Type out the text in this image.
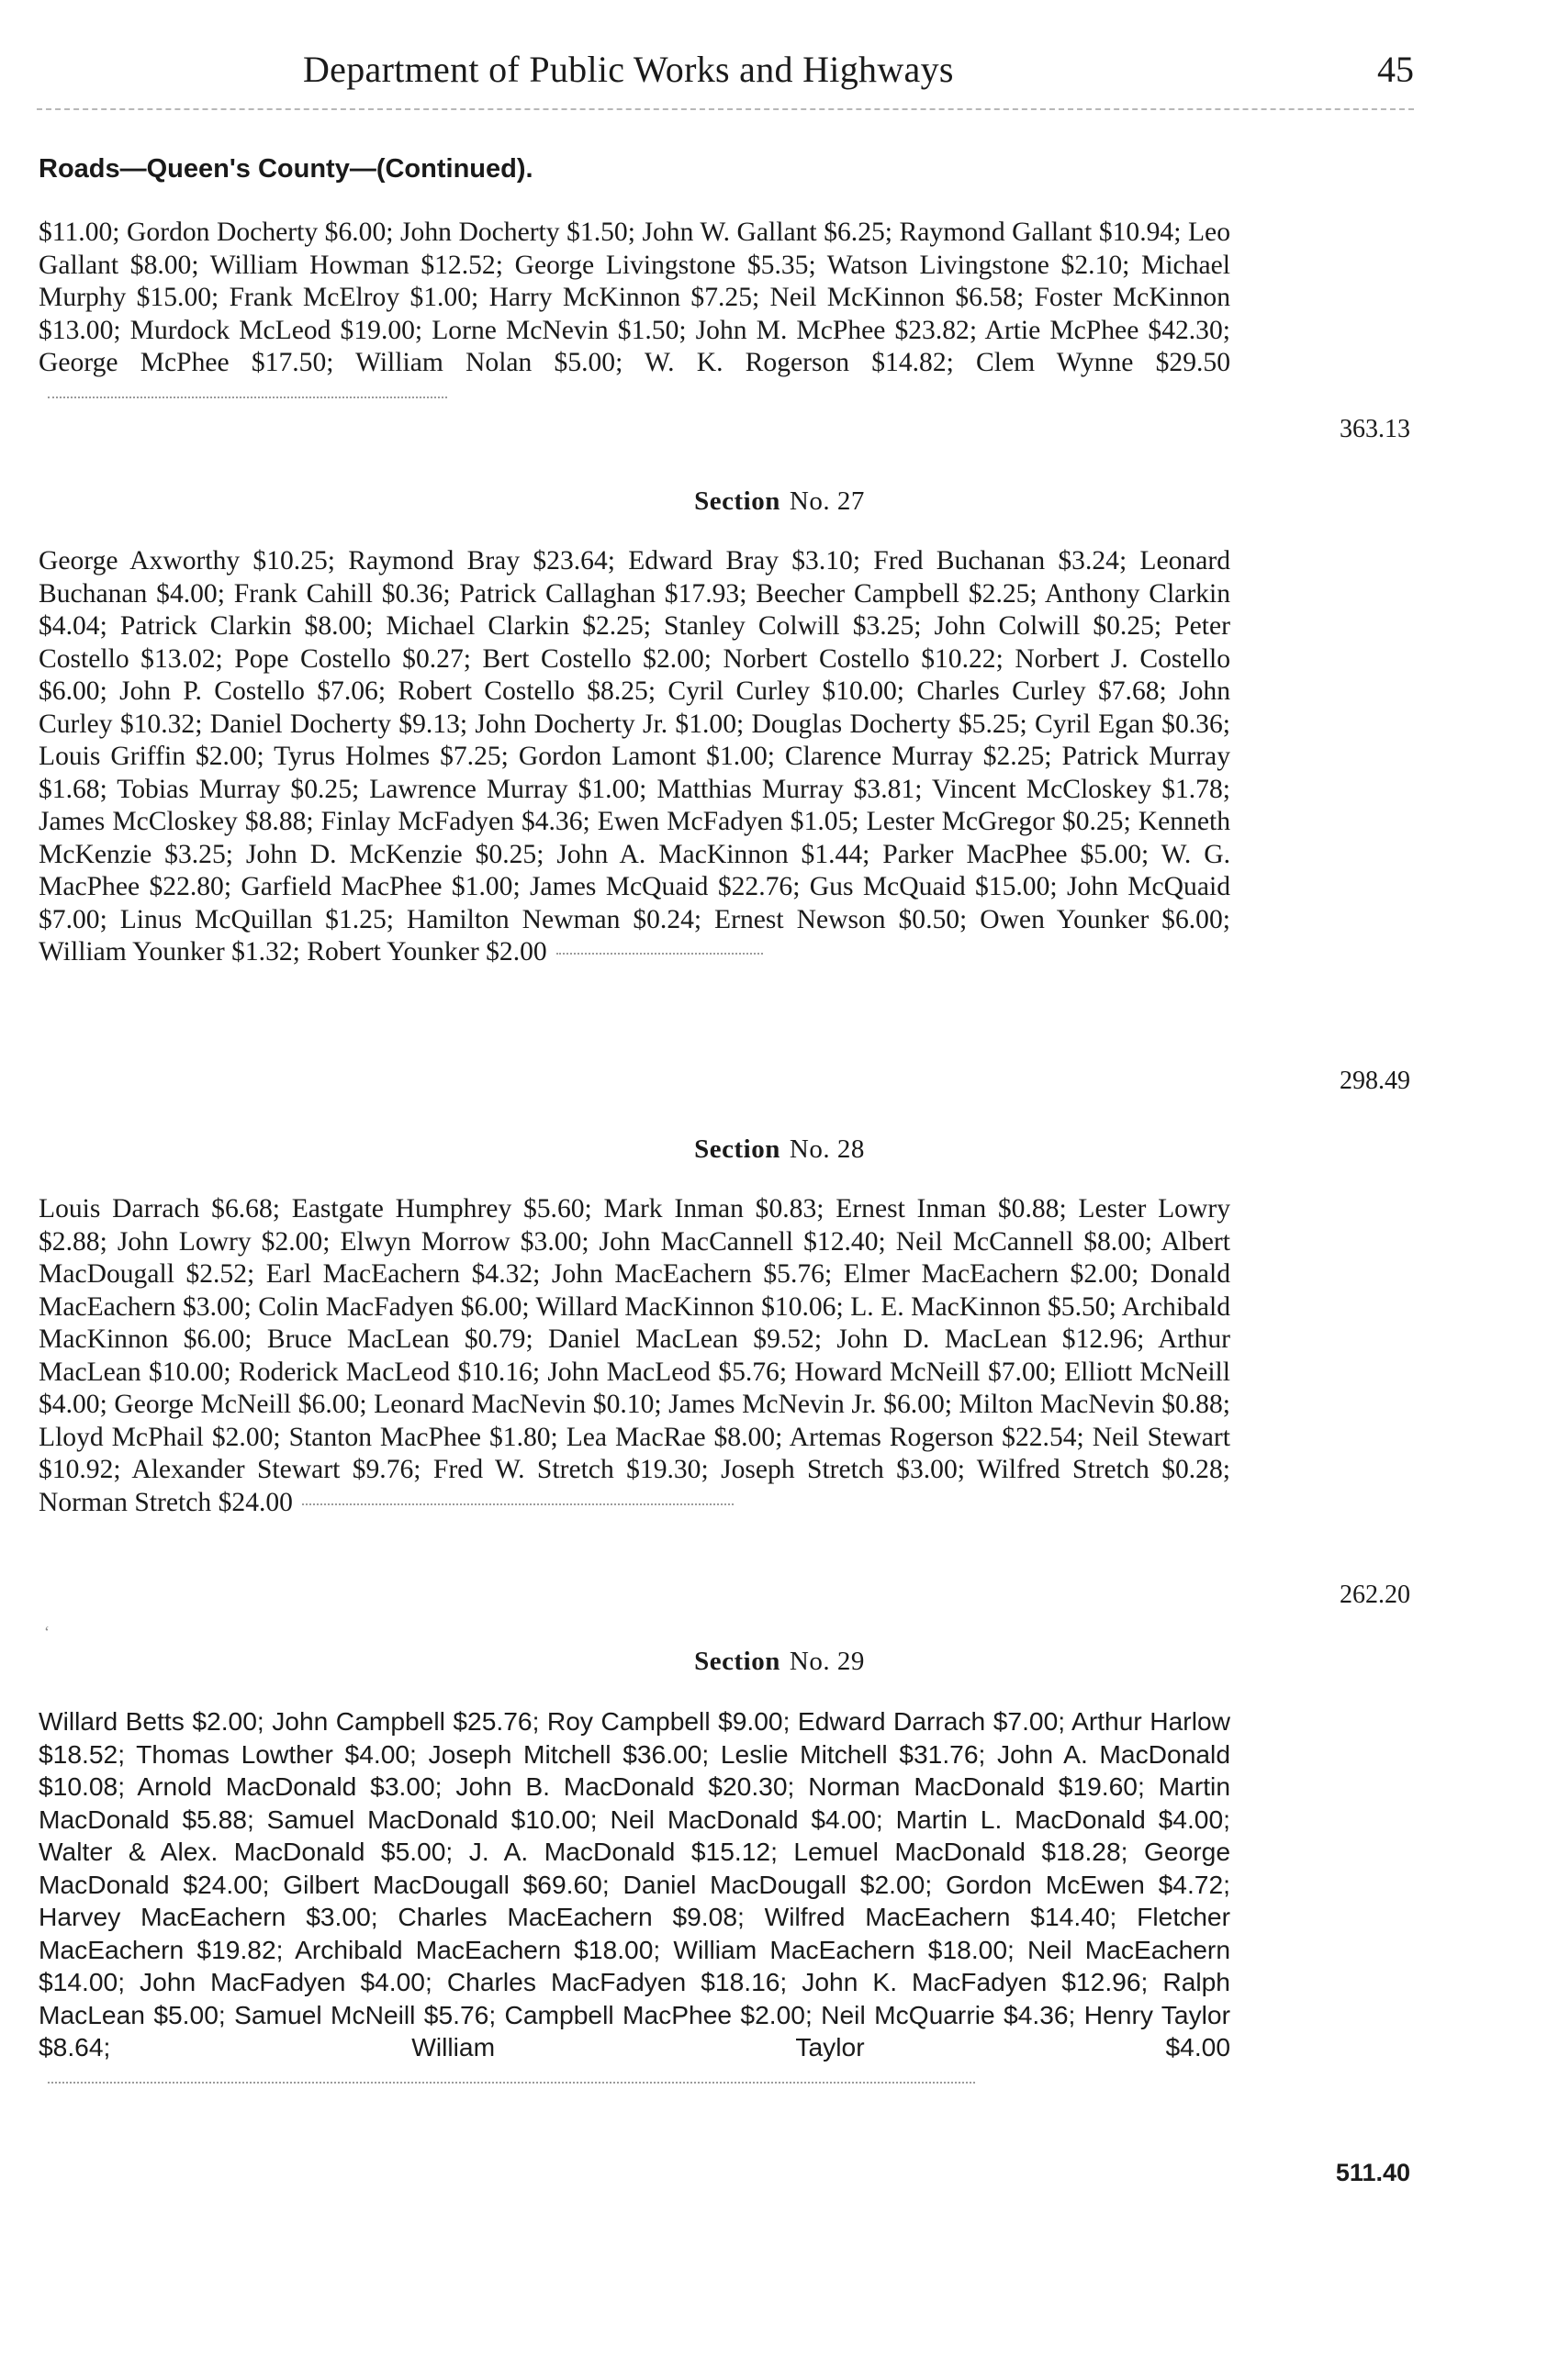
Department of Public Works and Highways	45
Roads—Queen's County—(Continued).
$11.00; Gordon Docherty $6.00; John Docherty $1.50; John W. Gallant $6.25; Raymond Gallant $10.94; Leo Gallant $8.00; William Howman $12.52; George Livingstone $5.35; Watson Livingstone $2.10; Michael Murphy $15.00; Frank McElroy $1.00; Harry McKinnon $7.25; Neil McKinnon $6.58; Foster McKinnon $13.00; Murdock McLeod $19.00; Lorne McNevin $1.50; John M. McPhee $23.82; Artie McPhee $42.30; George McPhee $17.50; William Nolan $5.00; W. K. Rogerson $14.82; Clem Wynne $29.50
363.13
Section No. 27
George Axworthy $10.25; Raymond Bray $23.64; Edward Bray $3.10; Fred Buchanan $3.24; Leonard Buchanan $4.00; Frank Cahill $0.36; Patrick Callaghan $17.93; Beecher Campbell $2.25; Anthony Clarkin $4.04; Patrick Clarkin $8.00; Michael Clarkin $2.25; Stanley Colwill $3.25; John Colwill $0.25; Peter Costello $13.02; Pope Costello $0.27; Bert Costello $2.00; Norbert Costello $10.22; Norbert J. Costello $6.00; John P. Costello $7.06; Robert Costello $8.25; Cyril Curley $10.00; Charles Curley $7.68; John Curley $10.32; Daniel Docherty $9.13; John Docherty Jr. $1.00; Douglas Docherty $5.25; Cyril Egan $0.36; Louis Griffin $2.00; Tyrus Holmes $7.25; Gordon Lamont $1.00; Clarence Murray $2.25; Patrick Murray $1.68; Tobias Murray $0.25; Lawrence Murray $1.00; Matthias Murray $3.81; Vincent McCloskey $1.78; James McCloskey $8.88; Finlay McFadyen $4.36; Ewen McFadyen $1.05; Lester McGregor $0.25; Kenneth McKenzie $3.25; John D. McKenzie $0.25; John A. MacKinnon $1.44; Parker MacPhee $5.00; W. G. MacPhee $22.80; Garfield MacPhee $1.00; James McQuaid $22.76; Gus McQuaid $15.00; John McQuaid $7.00; Linus McQuillan $1.25; Hamilton Newman $0.24; Ernest Newson $0.50; Owen Younker $6.00; William Younker $1.32; Robert Younker $2.00
298.49
Section No. 28
Louis Darrach $6.68; Eastgate Humphrey $5.60; Mark Inman $0.83; Ernest Inman $0.88; Lester Lowry $2.88; John Lowry $2.00; Elwyn Morrow $3.00; John MacCannell $12.40; Neil McCannell $8.00; Albert MacDougall $2.52; Earl MacEachern $4.32; John MacEachern $5.76; Elmer MacEachern $2.00; Donald MacEachern $3.00; Colin MacFadyen $6.00; Willard MacKinnon $10.06; L. E. MacKinnon $5.50; Archibald MacKinnon $6.00; Bruce MacLean $0.79; Daniel MacLean $9.52; John D. MacLean $12.96; Arthur MacLean $10.00; Roderick MacLeod $10.16; John MacLeod $5.76; Howard McNeill $7.00; Elliott McNeill $4.00; George McNeill $6.00; Leonard MacNevin $0.10; James McNevin Jr. $6.00; Milton MacNevin $0.88; Lloyd McPhail $2.00; Stanton MacPhee $1.80; Lea MacRae $8.00; Artemas Rogerson $22.54; Neil Stewart $10.92; Alexander Stewart $9.76; Fred W. Stretch $19.30; Joseph Stretch $3.00; Wilfred Stretch $0.28; Norman Stretch $24.00
262.20
‘
Section No. 29
Willard Betts $2.00; John Campbell $25.76; Roy Campbell $9.00; Edward Darrach $7.00; Arthur Harlow $18.52; Thomas Lowther $4.00; Joseph Mitchell $36.00; Leslie Mitchell $31.76; John A. MacDonald $10.08; Arnold MacDonald $3.00; John B. MacDonald $20.30; Norman MacDonald $19.60; Martin MacDonald $5.88; Samuel MacDonald $10.00; Neil MacDonald $4.00; Martin L. MacDonald $4.00; Walter & Alex. MacDonald $5.00; J. A. MacDonald $15.12; Lemuel MacDonald $18.28; George MacDonald $24.00; Gilbert MacDougall $69.60; Daniel MacDougall $2.00; Gordon McEwen $4.72; Harvey MacEachern $3.00; Charles MacEachern $9.08; Wilfred MacEachern $14.40; Fletcher MacEachern $19.82; Archibald MacEachern $18.00; William MacEachern $18.00; Neil MacEachern $14.00; John MacFadyen $4.00; Charles MacFadyen $18.16; John K. MacFadyen $12.96; Ralph MacLean $5.00; Samuel McNeill $5.76; Campbell MacPhee $2.00; Neil McQuarrie $4.36; Henry Taylor $8.64; William Taylor $4.00
511.40
